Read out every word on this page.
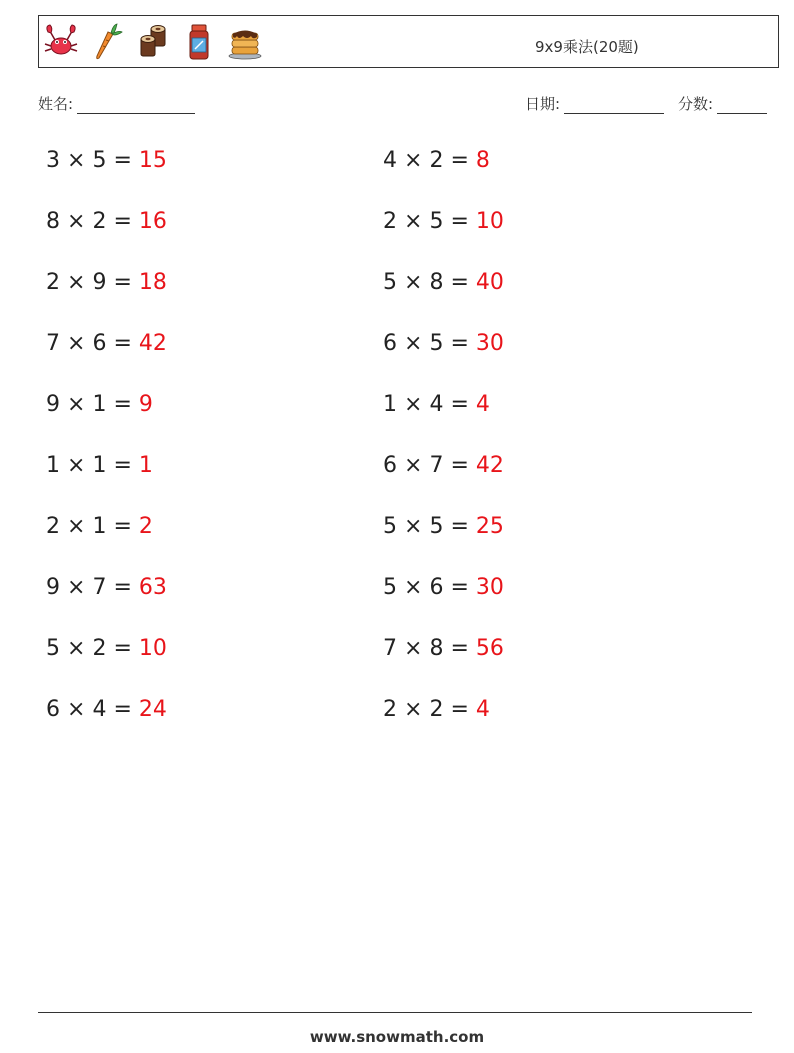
9x9乘法(20题)
姓名:	日期:	分数:
3 × 5 = 15
8 × 2 = 16
2 × 9 = 18
7 × 6 = 42
9 × 1 = 9
1 × 1 = 1
2 × 1 = 2
9 × 7 = 63
5 × 2 = 10
6 × 4 = 24
4 × 2 = 8
2 × 5 = 10
5 × 8 = 40
6 × 5 = 30
1 × 4 = 4
6 × 7 = 42
5 × 5 = 25
5 × 6 = 30
7 × 8 = 56
2 × 2 = 4
www.snowmath.com
